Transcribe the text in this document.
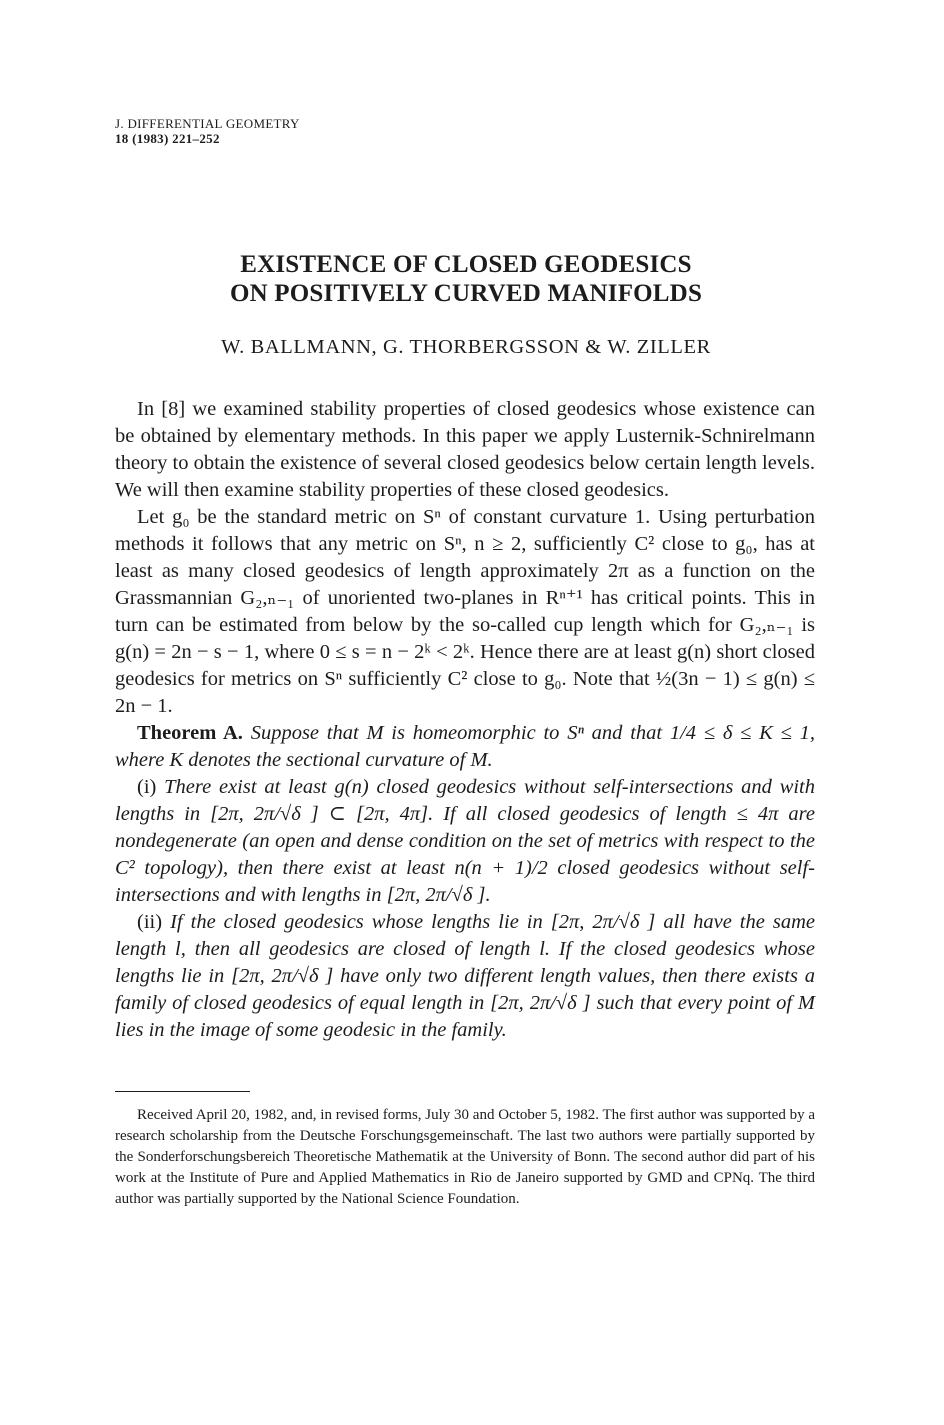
J. DIFFERENTIAL GEOMETRY
18 (1983) 221–252
EXISTENCE OF CLOSED GEODESICS
ON POSITIVELY CURVED MANIFOLDS
W. BALLMANN, G. THORBERGSSON & W. ZILLER

In [8] we examined stability properties of closed geodesics whose existence can be obtained by elementary methods. In this paper we apply Lusternik-Schnirelmann theory to obtain the existence of several closed geodesics below certain length levels. We will then examine stability properties of these closed geodesics.

Let g₀ be the standard metric on Sⁿ of constant curvature 1. Using perturbation methods it follows that any metric on Sⁿ, n ≥ 2, sufficiently C² close to g₀, has at least as many closed geodesics of length approximately 2π as a function on the Grassmannian G₂,ₙ₋₁ of unoriented two-planes in Rⁿ⁺¹ has critical points. This in turn can be estimated from below by the so-called cup length which for G₂,ₙ₋₁ is g(n) = 2n − s − 1, where 0 ≤ s = n − 2ᵏ < 2ᵏ. Hence there are at least g(n) short closed geodesics for metrics on Sⁿ sufficiently C² close to g₀. Note that ½(3n − 1) ≤ g(n) ≤ 2n − 1.

Theorem A. Suppose that M is homeomorphic to Sⁿ and that 1/4 ≤ δ ≤ K ≤ 1, where K denotes the sectional curvature of M.

(i) There exist at least g(n) closed geodesics without self-intersections and with lengths in [2π, 2π/√δ ] ⊂ [2π, 4π]. If all closed geodesics of length ≤ 4π are nondegenerate (an open and dense condition on the set of metrics with respect to the C² topology), then there exist at least n(n + 1)/2 closed geodesics without self-intersections and with lengths in [2π, 2π/√δ ].

(ii) If the closed geodesics whose lengths lie in [2π, 2π/√δ ] all have the same length l, then all geodesics are closed of length l. If the closed geodesics whose lengths lie in [2π, 2π/√δ ] have only two different length values, then there exists a family of closed geodesics of equal length in [2π, 2π/√δ ] such that every point of M lies in the image of some geodesic in the family.

Received April 20, 1982, and, in revised forms, July 30 and October 5, 1982. The first author was supported by a research scholarship from the Deutsche Forschungsgemeinschaft. The last two authors were partially supported by the Sonderforschungsbereich Theoretische Mathematik at the University of Bonn. The second author did part of his work at the Institute of Pure and Applied Mathematics in Rio de Janeiro supported by GMD and CPNq. The third author was partially supported by the National Science Foundation.
